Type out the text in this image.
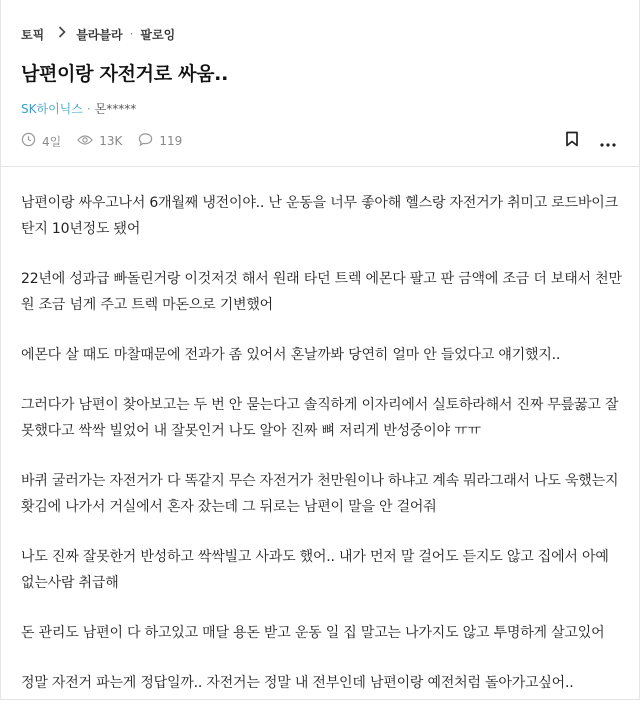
토픽	블라블라 · 팔로잉
남편이랑 자전거로 싸움..
SK하이닉스 · 몬*****
4일	13K	119

남편이랑 싸우고나서 6개월째 냉전이야.. 난 운동을 너무 좋아해 헬스랑 자전거가 취미고 로드바이크 탄지 10년정도 됐어

22년에 성과급 빠돌린거랑 이것저것 해서 원래 타던 트렉 에몬다 팔고 판 금액에 조금 더 보태서 천만원 조금 넘게 주고 트렉 마돈으로 기변했어

에몬다 살 때도 마찰때문에 전과가 좀 있어서 혼날까봐 당연히 얼마 안 들었다고 얘기했지..

그러다가 남편이 찾아보고는 두 번 안 묻는다고 솔직하게 이자리에서 실토하라해서 진짜 무릎꿇고 잘못했다고 싹싹 빌었어 내 잘못인거 나도 알아 진짜 뼈 저리게 반성중이야 ㅠㅠ

바퀴 굴러가는 자전거가 다 똑같지 무슨 자전거가 천만원이나 하냐고 계속 뭐라그래서 나도 욱했는지 홧김에 나가서 거실에서 혼자 잤는데 그 뒤로는 남편이 말을 안 걸어줘

나도 진짜 잘못한거 반성하고 싹싹빌고 사과도 했어.. 내가 먼저 말 걸어도 듣지도 않고 집에서 아예 없는사람 취급해

돈 관리도 남편이 다 하고있고 매달 용돈 받고 운동 일 집 말고는 나가지도 않고 투명하게 살고있어

정말 자전거 파는게 정답일까.. 자전거는 정말 내 전부인데 남편이랑 예전처럼 돌아가고싶어..
